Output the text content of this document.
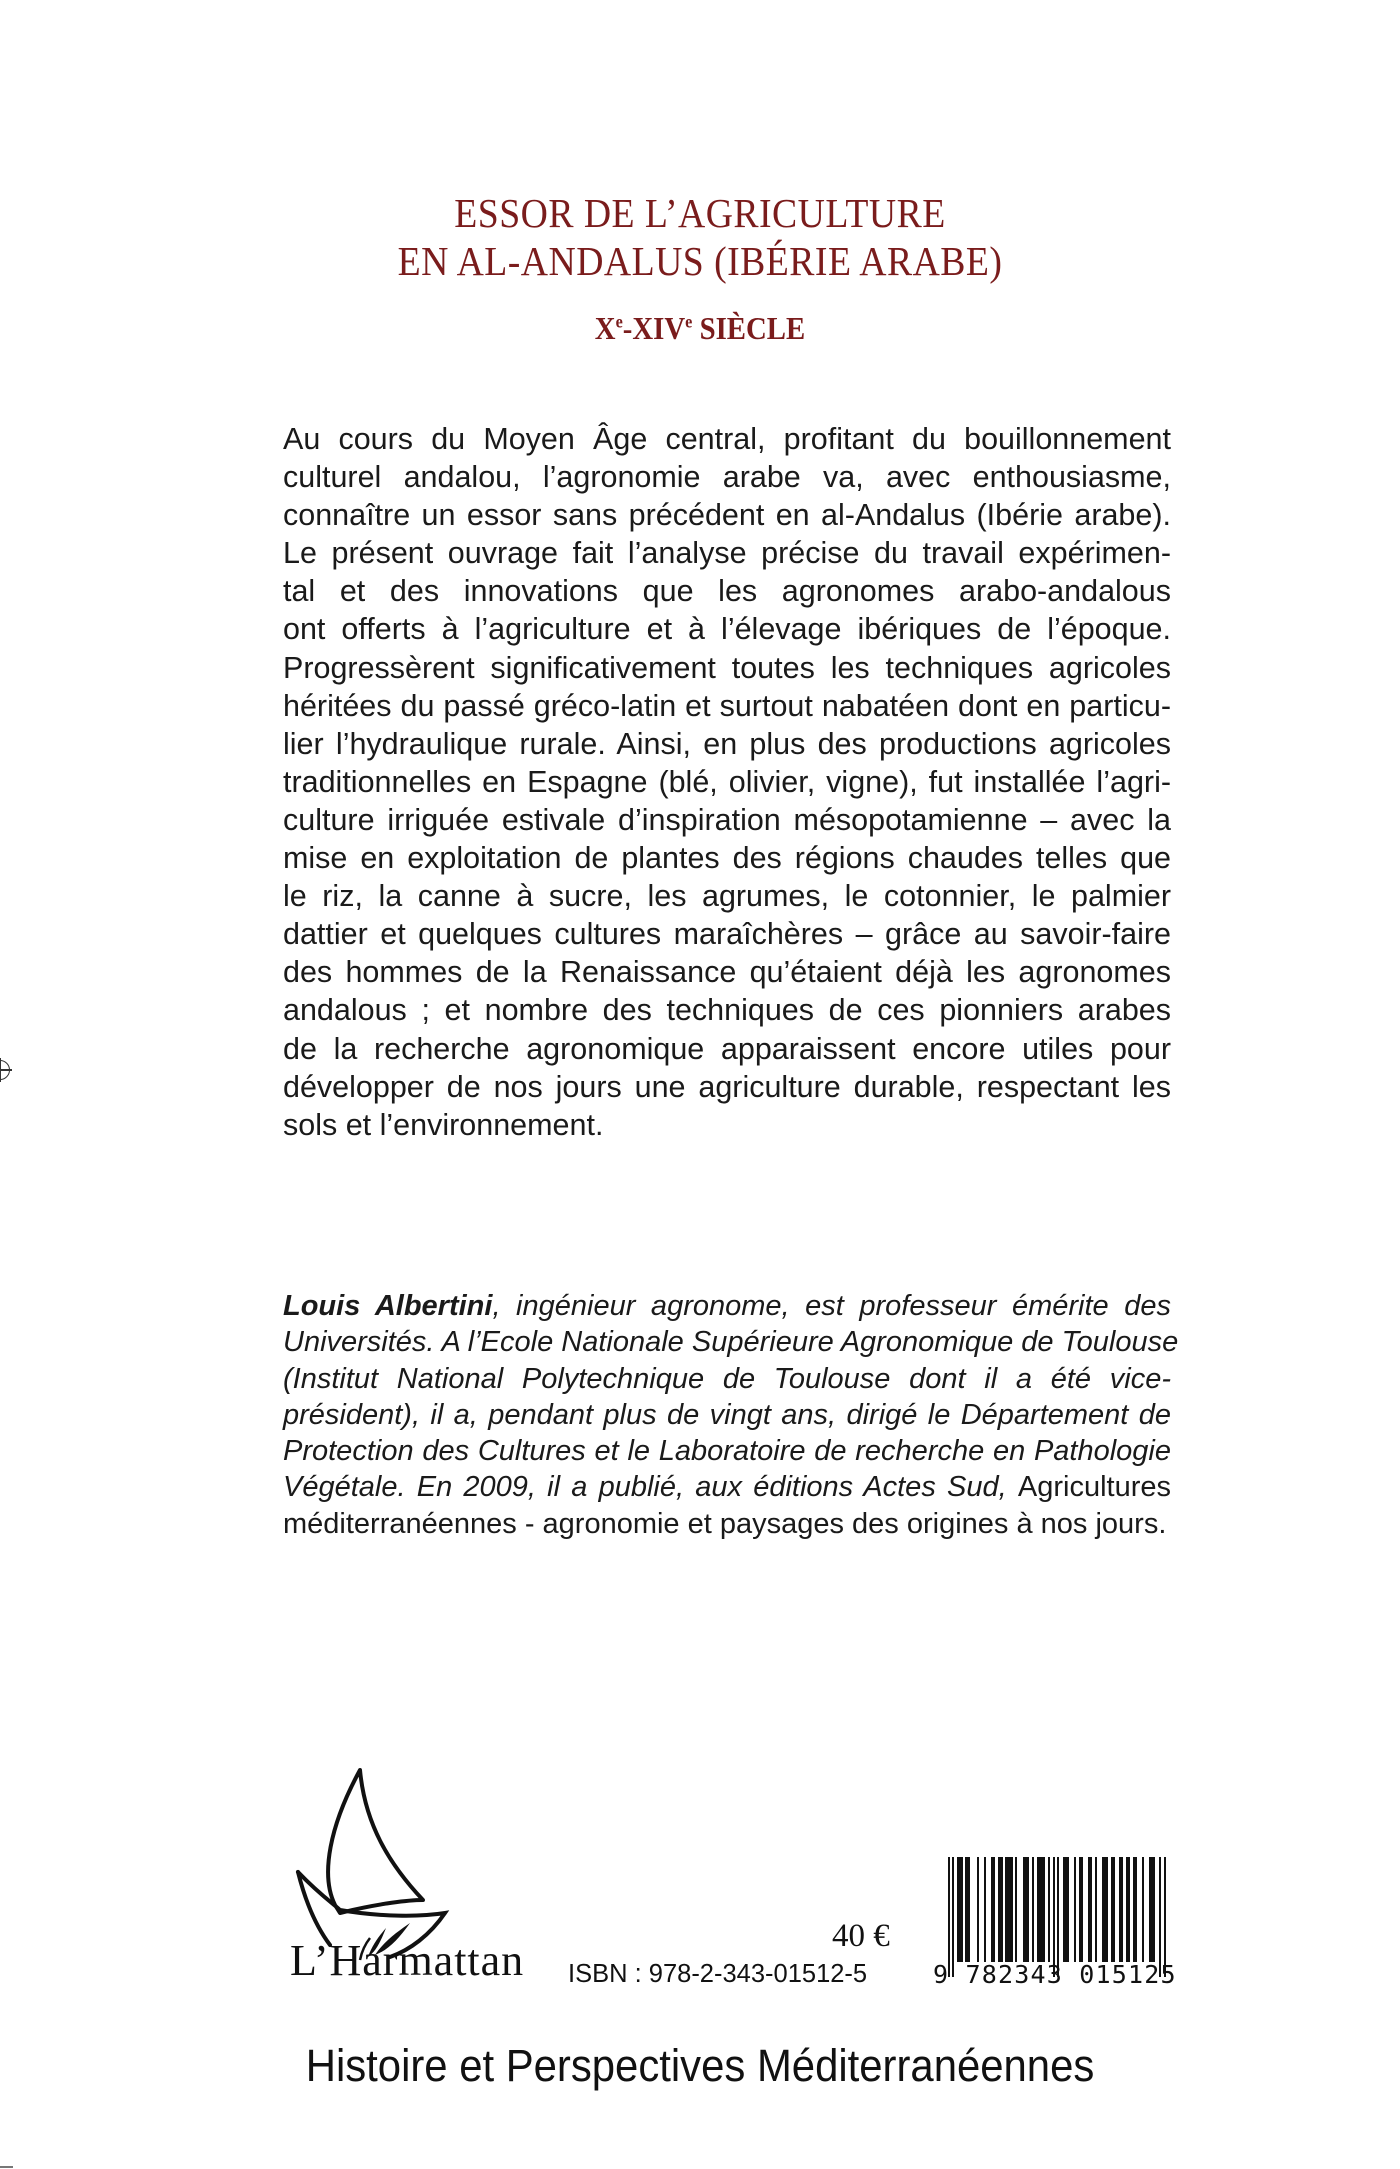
ESSOR DE L’AGRICULTURE
EN AL-ANDALUS (IBÉRIE ARABE)
Xe-XIVe SIÈCLE
Au cours du Moyen Âge central, profitant du bouillonnement
culturel andalou, l’agronomie arabe va, avec enthousiasme,
connaître un essor sans précédent en al-Andalus (Ibérie arabe).
Le présent ouvrage fait l’analyse précise du travail expérimen-
tal et des innovations que les agronomes arabo-andalous
ont offerts à l’agriculture et à l’élevage ibériques de l’époque.
Progressèrent significativement toutes les techniques agricoles
héritées du passé gréco-latin et surtout nabatéen dont en particu-
lier l’hydraulique rurale. Ainsi, en plus des productions agricoles
traditionnelles en Espagne (blé, olivier, vigne), fut installée l’agri-
culture irriguée estivale d’inspiration mésopotamienne – avec la
mise en exploitation de plantes des régions chaudes telles que
le riz, la canne à sucre, les agrumes, le cotonnier, le palmier
dattier et quelques cultures maraîchères – grâce au savoir-faire
des hommes de la Renaissance qu’étaient déjà les agronomes
andalous ; et nombre des techniques de ces pionniers arabes
de la recherche agronomique apparaissent encore utiles pour
développer de nos jours une agriculture durable, respectant les
sols et l’environnement.
Louis Albertini, ingénieur agronome, est professeur émérite des
Universités. A l’Ecole Nationale Supérieure Agronomique de Toulouse
(Institut National Polytechnique de Toulouse dont il a été vice-
président), il a, pendant plus de vingt ans, dirigé le Département de
Protection des Cultures et le Laboratoire de recherche en Pathologie
Végétale. En 2009, il a publié, aux éditions Actes Sud, Agricultures
méditerranéennes - agronomie et paysages des origines à nos jours.
L’Harmattan	40 €
ISBN : 978-2-343-01512-5	9 782343 015125
Histoire et Perspectives Méditerranéennes
